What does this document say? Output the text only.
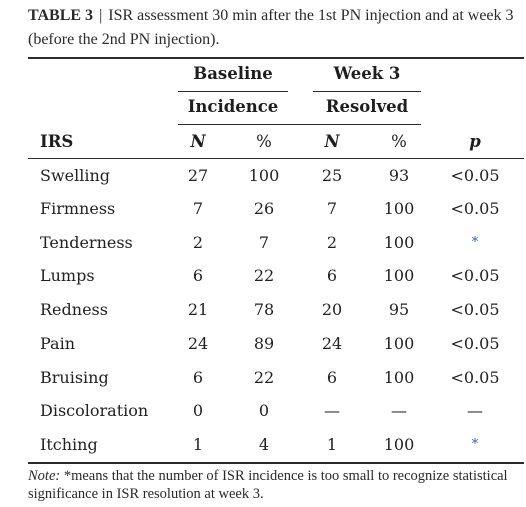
TABLE 3 | ISR assessment 30 min after the 1st PN injection and at week 3 (before the 2nd PN injection).
Baseline
Incidence
Week 3
Resolved
IRS	N	%	N	%	p
Swelling	27	100	25	93	<0.05
Firmness	7	26	7	100	<0.05
Tenderness	2	7	2	100	*
Lumps	6	22	6	100	<0.05
Redness	21	78	20	95	<0.05
Pain	24	89	24	100	<0.05
Bruising	6	22	6	100	<0.05
Discoloration	0	0	—	—	—
Itching	1	4	1	100	*
Note: *means that the number of ISR incidence is too small to recognize statistical significance in ISR resolution at week 3.
